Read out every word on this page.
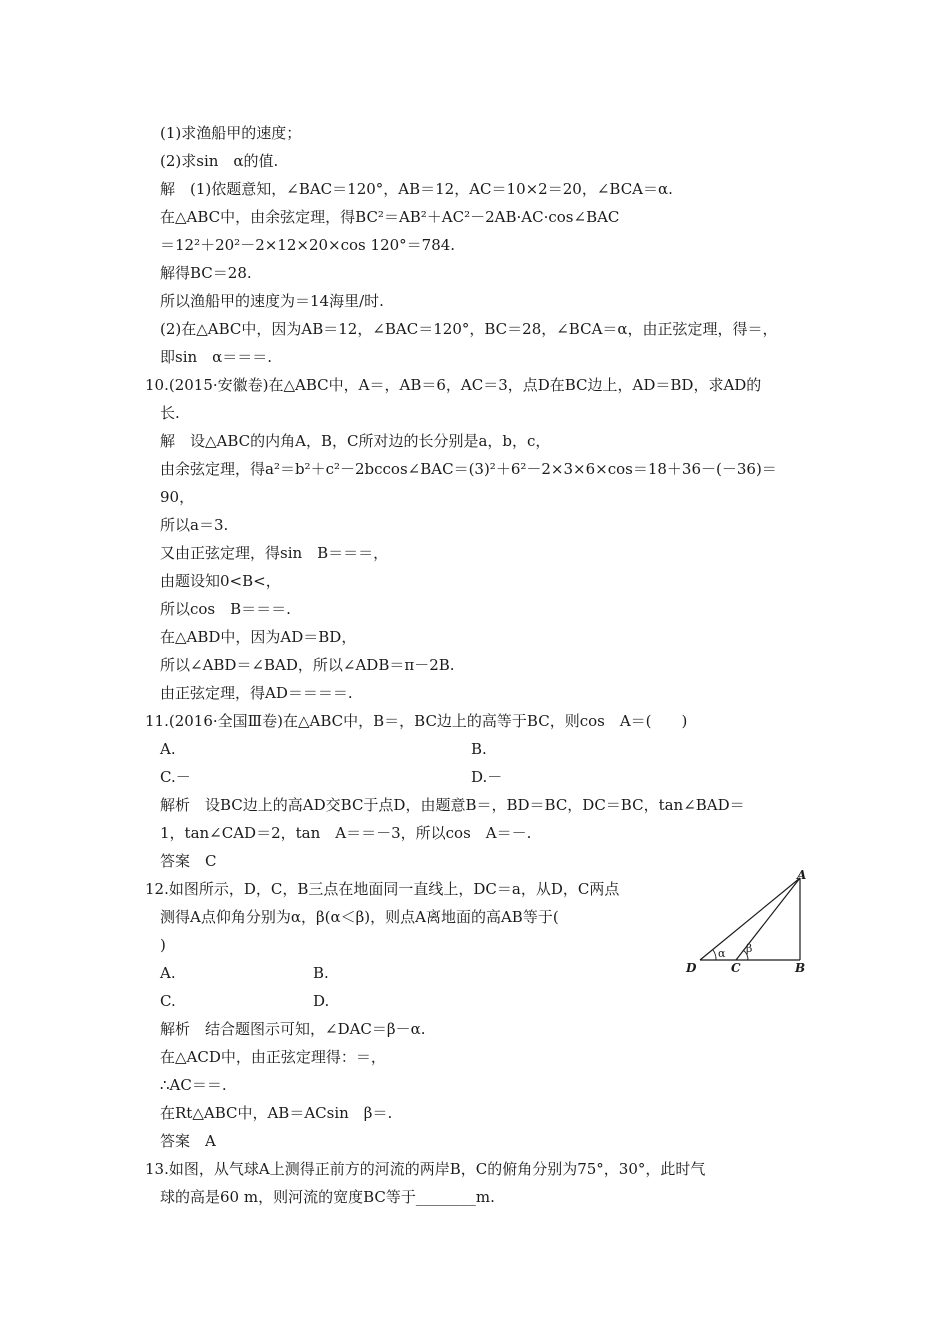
(1)求渔船甲的速度；
(2)求sin　α的值.
解　(1)依题意知，∠BAC＝120°，AB＝12，AC＝10×2＝20，∠BCA＝α.
在△ABC中，由余弦定理，得BC²＝AB²＋AC²－2AB·AC·cos∠BAC
＝12²＋20²－2×12×20×cos 120°＝784.
解得BC＝28.
所以渔船甲的速度为＝14海里/时.
(2)在△ABC中，因为AB＝12，∠BAC＝120°，BC＝28，∠BCA＝α，由正弦定理，得＝，
即sin　α＝＝＝.
10.(2015·安徽卷)在△ABC中，A＝，AB＝6，AC＝3，点D在BC边上，AD＝BD，求AD的
长.
解　设△ABC的内角A，B，C所对边的长分别是a，b，c，
由余弦定理，得a²＝b²＋c²－2bccos∠BAC＝(3)²＋6²－2×3×6×cos＝18＋36－(－36)＝
90，
所以a＝3.
又由正弦定理，得sin　B＝＝＝，
由题设知0<B<，
所以cos　B＝＝＝.
在△ABD中，因为AD＝BD，
所以∠ABD＝∠BAD，所以∠ADB＝π－2B.
由正弦定理，得AD＝＝＝＝.
11.(2016·全国Ⅲ卷)在△ABC中，B＝，BC边上的高等于BC，则cos　A＝(　　)
A.	B.
C.－	D.－
解析　设BC边上的高AD交BC于点D，由题意B＝，BD＝BC，DC＝BC，tan∠BAD＝
1，tan∠CAD＝2，tan　A＝＝－3，所以cos　A＝－.
答案　C
12.如图所示，D，C，B三点在地面同一直线上，DC＝a，从D，C两点
测得A点仰角分别为α，β(α＜β)，则点A离地面的高AB等于(
)
A.	B.
C.	D.
解析　结合题图示可知，∠DAC＝β－α.
在△ACD中，由正弦定理得：＝，
∴AC＝＝.
在Rt△ABC中，AB＝ACsin　β＝.
答案　A
A
D	C	B
α β
13.如图，从气球A上测得正前方的河流的两岸B，C的俯角分别为75°，30°，此时气
球的高是60 m，则河流的宽度BC等于________m.
